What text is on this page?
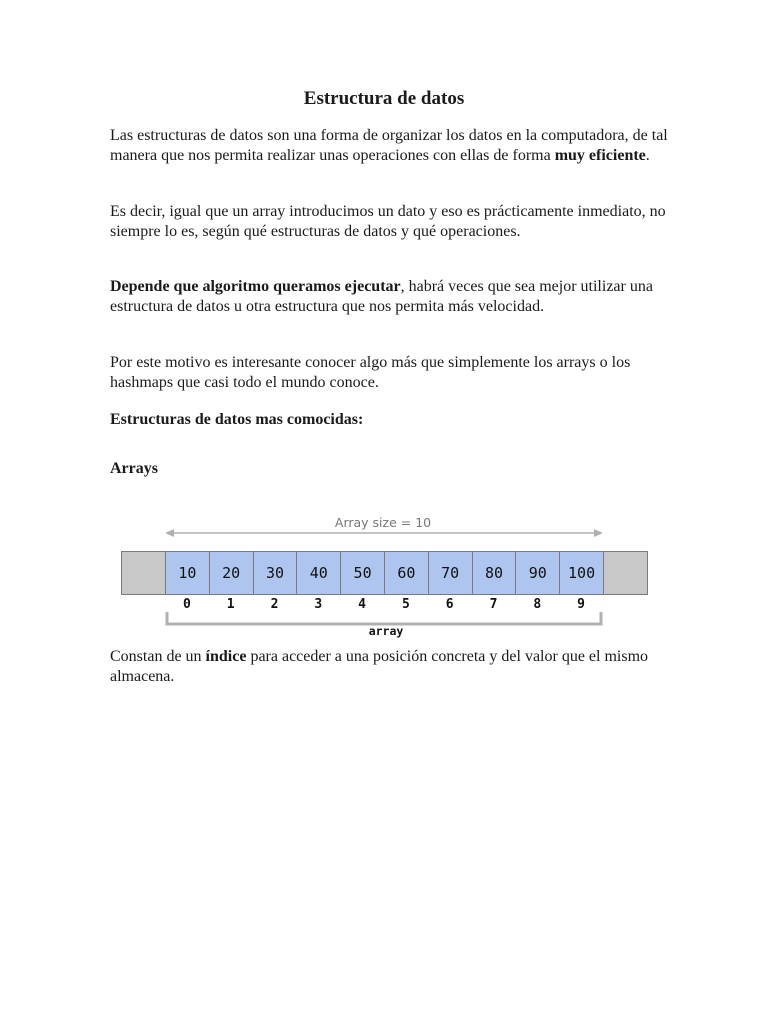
Estructura de datos

Las estructuras de datos son una forma de organizar los datos en la computadora, de tal manera que nos permita realizar unas operaciones con ellas de forma muy eficiente.

Es decir, igual que un array introducimos un dato y eso es prácticamente inmediato, no siempre lo es, según qué estructuras de datos y qué operaciones.

Depende que algoritmo queramos ejecutar, habrá veces que sea mejor utilizar una estructura de datos u otra estructura que nos permita más velocidad.

Por este motivo es interesante conocer algo más que simplemente los arrays o los hashmaps que casi todo el mundo conoce.

Estructuras de datos mas comocidas:

Arrays

Array size = 10
10	20	30	40	50	60	70	80	90	100
0	1	2	3	4	5	6	7	8	9
array

Constan de un índice para acceder a una posición concreta y del valor que el mismo almacena.
